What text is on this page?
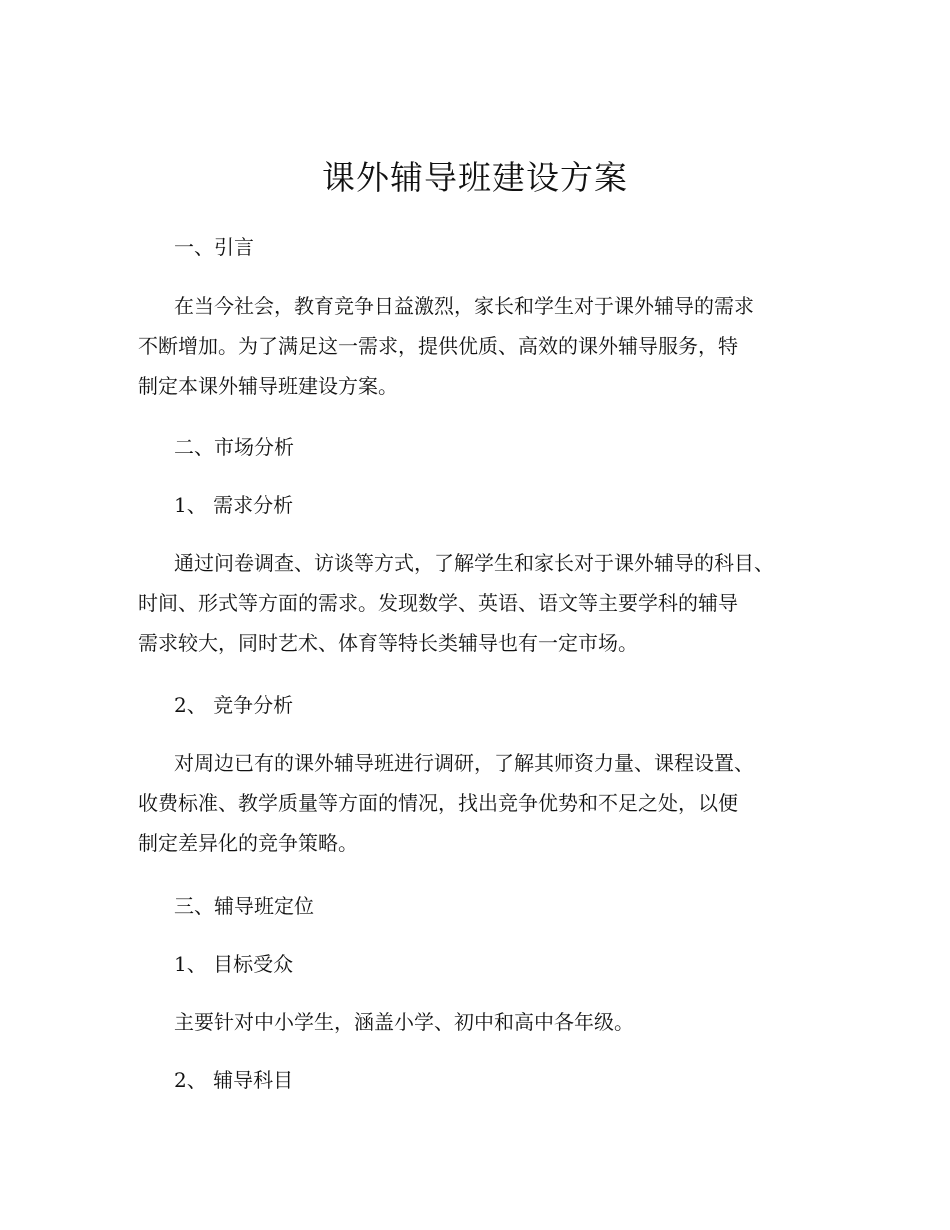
课外辅导班建设方案
一、引言

在当今社会，教育竞争日益激烈，家长和学生对于课外辅导的需求
不断增加。为了满足这一需求，提供优质、高效的课外辅导服务，特
制定本课外辅导班建设方案。

二、市场分析
1、 需求分析

通过问卷调查、访谈等方式，了解学生和家长对于课外辅导的科目、
时间、形式等方面的需求。发现数学、英语、语文等主要学科的辅导
需求较大，同时艺术、体育等特长类辅导也有一定市场。

2、 竞争分析

对周边已有的课外辅导班进行调研，了解其师资力量、课程设置、
收费标准、教学质量等方面的情况，找出竞争优势和不足之处，以便
制定差异化的竞争策略。

三、辅导班定位
1、 目标受众

主要针对中小学生，涵盖小学、初中和高中各年级。

2、 辅导科目
